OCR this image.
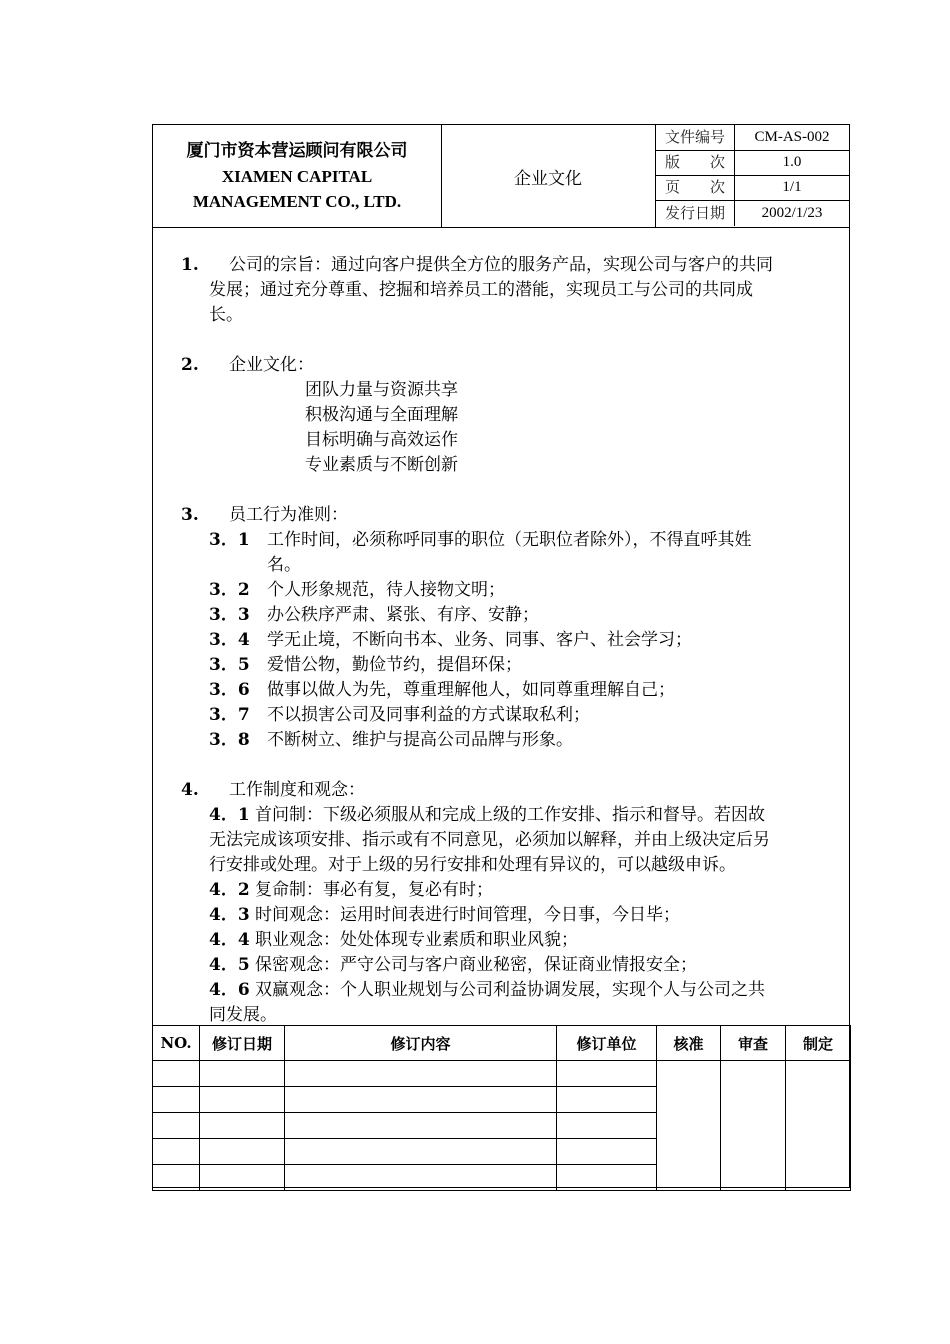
厦门市资本营运顾问有限公司
XIAMEN CAPITAL
MANAGEMENT CO., LTD.
企业文化
文件编号	CM-AS-002
版　　次	1.0
页　　次	1/1
发行日期	2002/1/23
1. 公司的宗旨：通过向客户提供全方位的服务产品，实现公司与客户的共同
发展；通过充分尊重、挖掘和培养员工的潜能，实现员工与公司的共同成
长。
2. 企业文化：
团队力量与资源共享
积极沟通与全面理解
目标明确与高效运作
专业素质与不断创新
3. 员工行为准则：
3．1 工作时间，必须称呼同事的职位（无职位者除外），不得直呼其姓
名。
3．2 个人形象规范，待人接物文明；
3．3 办公秩序严肃、紧张、有序、安静；
3．4 学无止境，不断向书本、业务、同事、客户、社会学习；
3．5 爱惜公物，勤俭节约，提倡环保；
3．6 做事以做人为先，尊重理解他人，如同尊重理解自己；
3．7 不以损害公司及同事利益的方式谋取私利；
3．8 不断树立、维护与提高公司品牌与形象。
4. 工作制度和观念：
4．1 首问制：下级必须服从和完成上级的工作安排、指示和督导。若因故
无法完成该项安排、指示或有不同意见，必须加以解释，并由上级决定后另
行安排或处理。对于上级的另行安排和处理有异议的，可以越级申诉。
4．2 复命制：事必有复，复必有时；
4．3 时间观念：运用时间表进行时间管理，今日事，今日毕；
4．4 职业观念：处处体现专业素质和职业风貌；
4．5 保密观念：严守公司与客户商业秘密，保证商业情报安全；
4．6 双赢观念：个人职业规划与公司利益协调发展，实现个人与公司之共
同发展。
NO.	修订日期	修订内容	修订单位	核准	审查	制定
